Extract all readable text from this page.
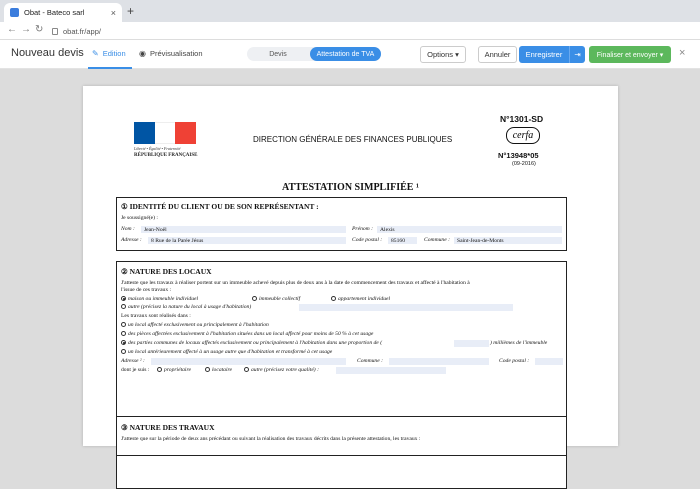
Obat - Bateco sarl	× +
← → ↻	obat.fr/app/
Nouveau devis ✎ Edition ◉ Prévisualisation	Devis	Attestation de TVA	Options ▾	Annuler	Enregistrer	⇥	Finaliser et envoyer ▾	×
Liberté • Égalité • Fraternité
RÉPUBLIQUE FRANÇAISE
DIRECTION GÉNÉRALE DES FINANCES PUBLIQUES
N°1301-SD
cerfa
N°13948*05
(09-2016)
ATTESTATION SIMPLIFIÉE ¹
① IDENTITÉ DU CLIENT OU DE SON REPRÉSENTANT :
Je soussigné(e) :
Nom :	Jean-Noël	Prénom :	Alexis
Adresse :	8 Rue de la Parée Jésus	Code postal :	85160	Commune :	Saint-Jean-de-Monts
② NATURE DES LOCAUX
J'atteste que les travaux à réaliser portent sur un immeuble achevé depuis plus de deux ans à la date de commencement des travaux et affecté à l'habitation à
l'issue de ces travaux :
maison ou immeuble individuel	immeuble collectif	appartement individuel
autre (précisez la nature du local à usage d'habitation)
Les travaux sont réalisés dans :
un local affecté exclusivement ou principalement à l'habitation
des pièces affectées exclusivement à l'habitation situées dans un local affecté pour moins de 50 % à cet usage
des parties communes de locaux affectés exclusivement ou principalement à l'habitation dans une proportion de (	) millièmes de l'immeuble
un local antérieurement affecté à un usage autre que d'habitation et transformé à cet usage
Adresse ² :	Commune :	Code postal :
dont je suis :	propriétaire	locataire	autre (précisez votre qualité) :
③ NATURE DES TRAVAUX
J'atteste que sur la période de deux ans précédant ou suivant la réalisation des travaux décrits dans la présente attestation, les travaux :
